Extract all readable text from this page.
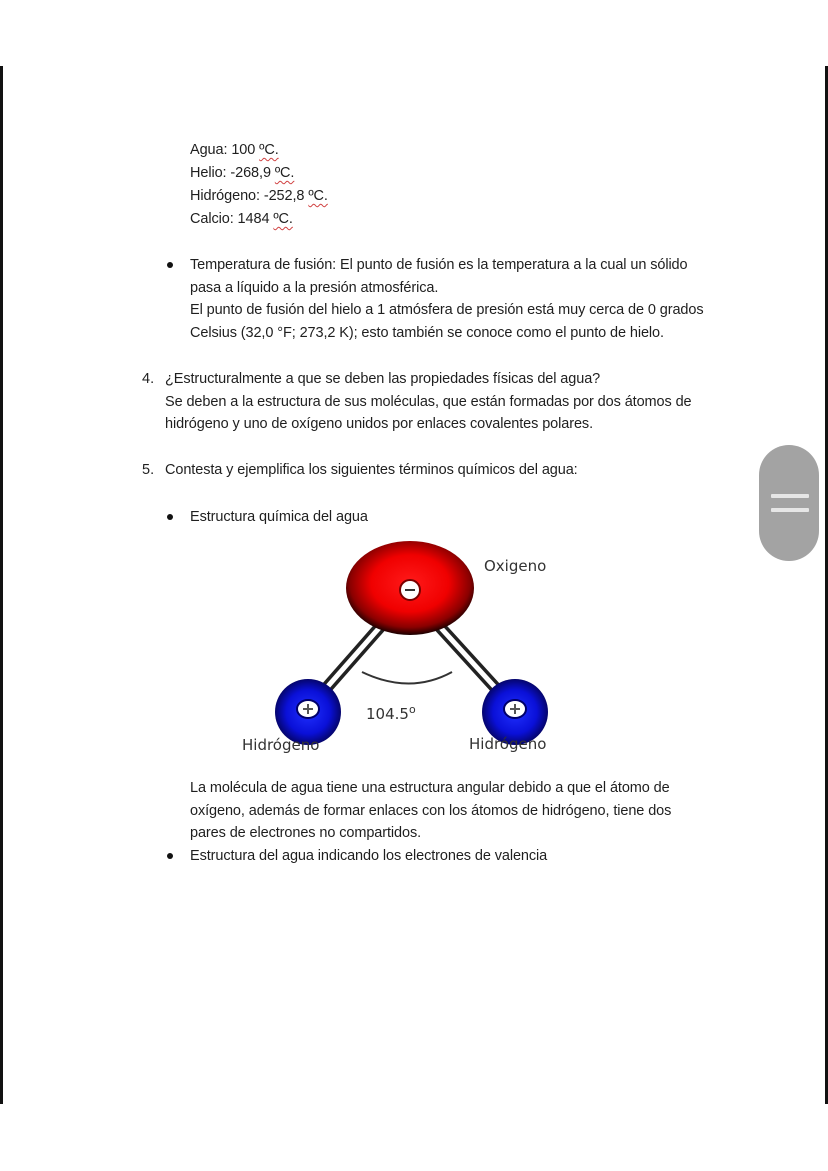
Agua: 100 ºC.
Helio: -268,9 ºC.
Hidrógeno: -252,8 ºC.
Calcio: 1484 ºC.
Temperatura de fusión: El punto de fusión es la temperatura a la cual un sólido
pasa a líquido a la presión atmosférica.
El punto de fusión del hielo a 1 atmósfera de presión está muy cerca de 0 grados
Celsius (32,0 °F; 273,2 K); esto también se conoce como el punto de hielo.
4. ¿Estructuralmente a que se deben las propiedades físicas del agua?
Se deben a la estructura de sus moléculas, que están formadas por dos átomos de
hidrógeno y uno de oxígeno unidos por enlaces covalentes polares.
5. Contesta y ejemplifica los siguientes términos químicos del agua:
Estructura química del agua
Oxigeno
104.5$^o$
Hidrógeno	Hidrógeno
La molécula de agua tiene una estructura angular debido a que el átomo de
oxígeno, además de formar enlaces con los átomos de hidrógeno, tiene dos
pares de electrones no compartidos.
Estructura del agua indicando los electrones de valencia
